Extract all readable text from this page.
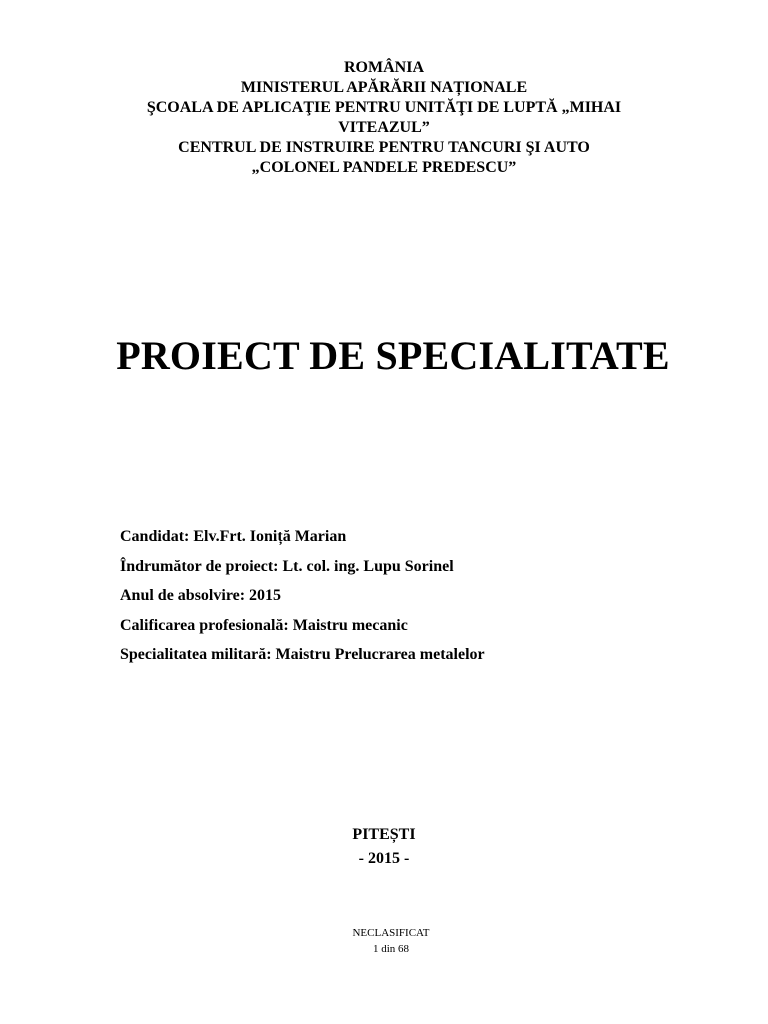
ROMÂNIA
MINISTERUL APĂRĂRII NAȚIONALE
ŞCOALA DE APLICAŢIE PENTRU UNITĂŢI DE LUPTĂ „MIHAI VITEAZUL”
CENTRUL DE INSTRUIRE PENTRU TANCURI ŞI AUTO
„COLONEL PANDELE PREDESCU”
PROIECT DE SPECIALITATE
Candidat: Elv.Frt. Ioniță Marian
Îndrumător de proiect: Lt. col. ing. Lupu Sorinel
Anul de absolvire: 2015
Calificarea profesională: Maistru mecanic
Specialitatea militară: Maistru Prelucrarea metalelor
PITEȘTI
- 2015 -
NECLASIFICAT
1 din 68
